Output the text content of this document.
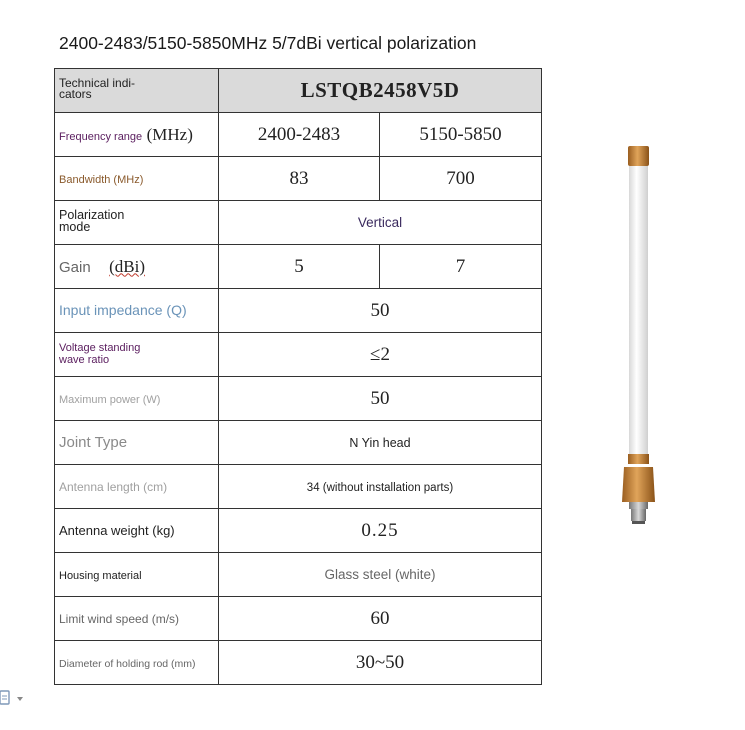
2400-2483/5150-5850MHz 5/7dBi vertical polarization
Technical indi-
cators	LSTQB2458V5D	
Frequency range (MHz)	2400-2483	5150-5850
Bandwidth (MHz)	83	700
Polarization
mode	Vertical	
Gain (dBi)	5	7
Input impedance (Q)	50	
Voltage standing
wave ratio	≤2	
Maximum power (W)	50	
Joint Type	N Yin head	
Antenna length (cm)	34 (without installation parts)	
Antenna weight (kg)	0.25	
Housing material	Glass steel (white)	
Limit wind speed (m/s)	60	
Diameter of holding rod (mm)	30~50	
